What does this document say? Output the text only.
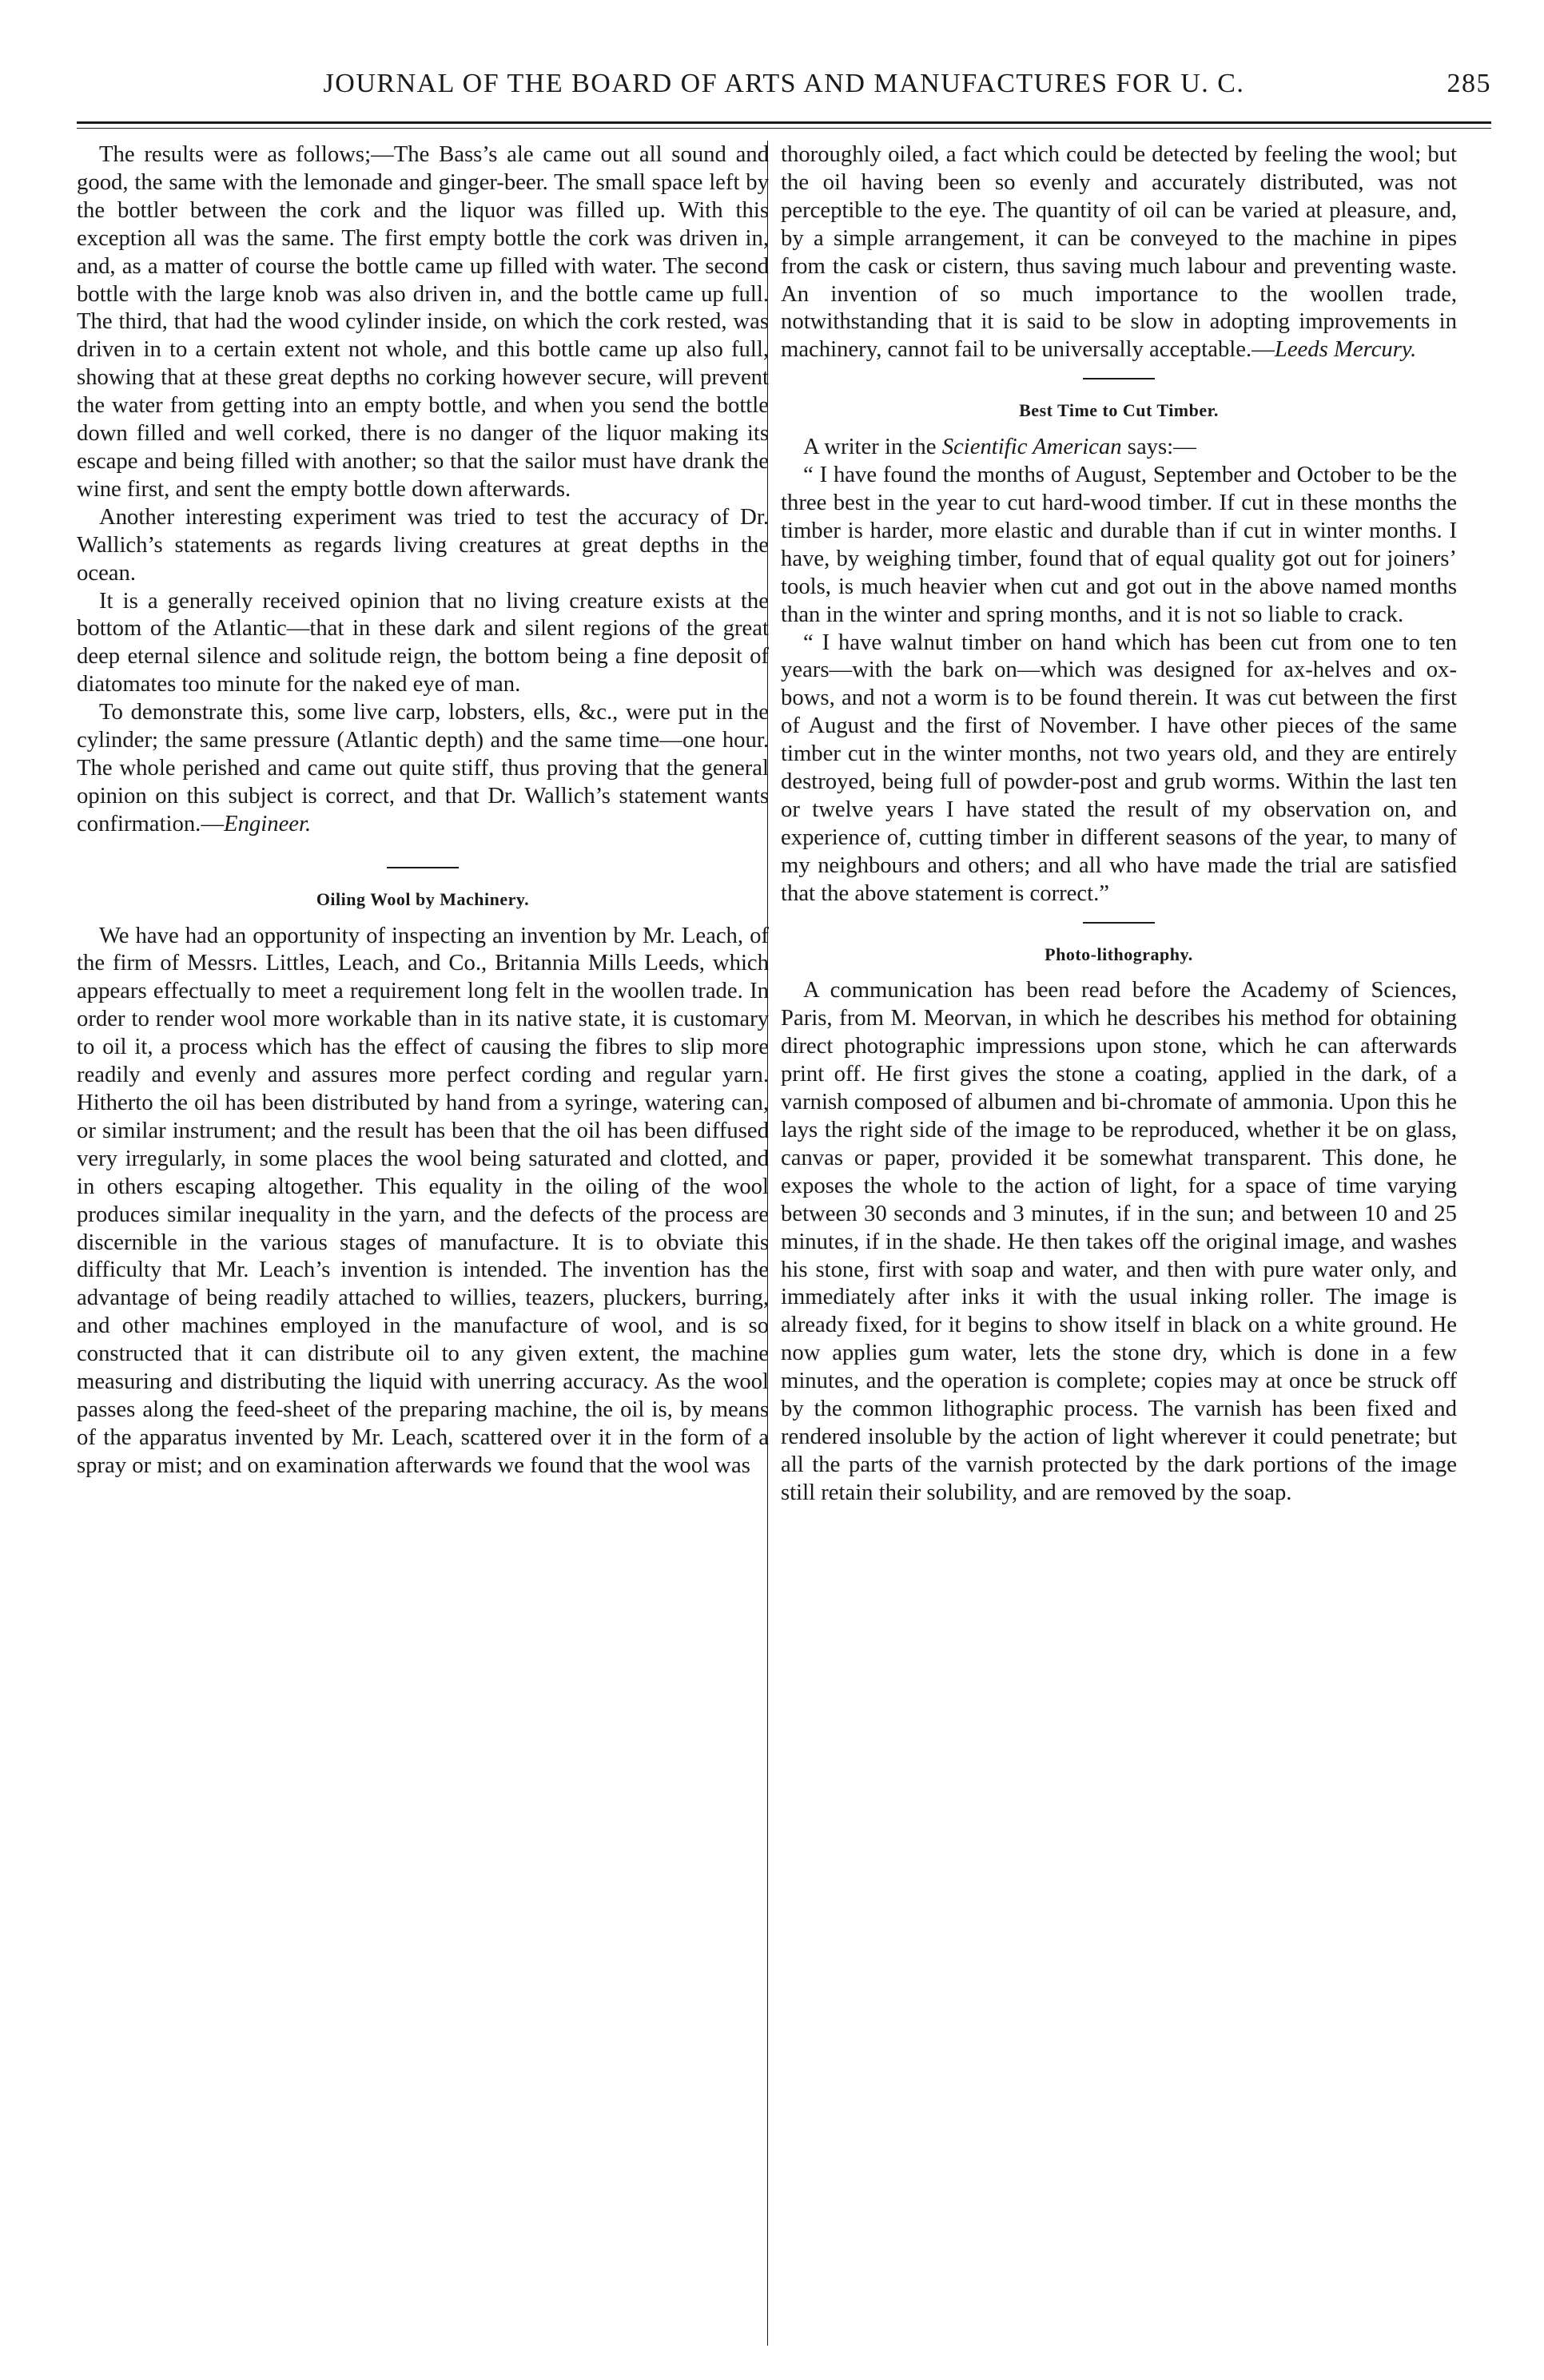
JOURNAL OF THE BOARD OF ARTS AND MANUFACTURES FOR U. C.	285

The results were as follows;—The Bass’s ale came out all sound and good, the same with the lemonade and ginger-beer. The small space left by the bottler between the cork and the liquor was filled up. With this exception all was the same. The first empty bottle the cork was driven in, and, as a matter of course the bottle came up filled with water. The second bottle with the large knob was also driven in, and the bottle came up full. The third, that had the wood cylinder inside, on which the cork rested, was driven in to a certain extent not whole, and this bottle came up also full, showing that at these great depths no corking however secure, will prevent the water from getting into an empty bottle, and when you send the bottle down filled and well corked, there is no danger of the liquor making its escape and being filled with another; so that the sailor must have drank the wine first, and sent the empty bottle down afterwards.

Another interesting experiment was tried to test the accuracy of Dr. Wallich’s statements as regards living creatures at great depths in the ocean.

It is a generally received opinion that no living creature exists at the bottom of the Atlantic—that in these dark and silent regions of the great deep eternal silence and solitude reign, the bottom being a fine deposit of diatomates too minute for the naked eye of man.

To demonstrate this, some live carp, lobsters, ells, &c., were put in the cylinder; the same pressure (Atlantic depth) and the same time—one hour. The whole perished and came out quite stiff, thus proving that the general opinion on this subject is correct, and that Dr. Wallich’s statement wants confirmation.—Engineer.

Oiling Wool by Machinery.

We have had an opportunity of inspecting an invention by Mr. Leach, of the firm of Messrs. Littles, Leach, and Co., Britannia Mills Leeds, which appears effectually to meet a requirement long felt in the woollen trade. In order to render wool more workable than in its native state, it is customary to oil it, a process which has the effect of causing the fibres to slip more readily and evenly and assures more perfect cording and regular yarn. Hitherto the oil has been distributed by hand from a syringe, watering can, or similar instrument; and the result has been that the oil has been diffused very irregularly, in some places the wool being saturated and clotted, and in others escaping altogether. This equality in the oiling of the wool produces similar inequality in the yarn, and the defects of the process are discernible in the various stages of manufacture. It is to obviate this difficulty that Mr. Leach’s invention is intended. The invention has the advantage of being readily attached to willies, teazers, pluckers, burring, and other machines employed in the manufacture of wool, and is so constructed that it can distribute oil to any given extent, the machine measuring and distributing the liquid with unerring accuracy. As the wool passes along the feed-sheet of the preparing machine, the oil is, by means of the apparatus invented by Mr. Leach, scattered over it in the form of a spray or mist; and on examination afterwards we found that the wool was

thoroughly oiled, a fact which could be detected by feeling the wool; but the oil having been so evenly and accurately distributed, was not perceptible to the eye. The quantity of oil can be varied at pleasure, and, by a simple arrangement, it can be conveyed to the machine in pipes from the cask or cistern, thus saving much labour and preventing waste. An invention of so much importance to the woollen trade, notwithstanding that it is said to be slow in adopting improvements in machinery, cannot fail to be universally acceptable.—Leeds Mercury.

Best Time to Cut Timber.

A writer in the Scientific American says:—

“ I have found the months of August, September and October to be the three best in the year to cut hard-wood timber. If cut in these months the timber is harder, more elastic and durable than if cut in winter months. I have, by weighing timber, found that of equal quality got out for joiners’ tools, is much heavier when cut and got out in the above named months than in the winter and spring months, and it is not so liable to crack.

“ I have walnut timber on hand which has been cut from one to ten years—with the bark on—which was designed for ax-helves and ox-bows, and not a worm is to be found therein. It was cut between the first of August and the first of November. I have other pieces of the same timber cut in the winter months, not two years old, and they are entirely destroyed, being full of powder-post and grub worms. Within the last ten or twelve years I have stated the result of my observation on, and experience of, cutting timber in different seasons of the year, to many of my neighbours and others; and all who have made the trial are satisfied that the above statement is correct.”

Photo-lithography.

A communication has been read before the Academy of Sciences, Paris, from M. Meorvan, in which he describes his method for obtaining direct photographic impressions upon stone, which he can afterwards print off. He first gives the stone a coating, applied in the dark, of a varnish composed of albumen and bi-chromate of ammonia. Upon this he lays the right side of the image to be reproduced, whether it be on glass, canvas or paper, provided it be somewhat transparent. This done, he exposes the whole to the action of light, for a space of time varying between 30 seconds and 3 minutes, if in the sun; and between 10 and 25 minutes, if in the shade. He then takes off the original image, and washes his stone, first with soap and water, and then with pure water only, and immediately after inks it with the usual inking roller. The image is already fixed, for it begins to show itself in black on a white ground. He now applies gum water, lets the stone dry, which is done in a few minutes, and the operation is complete; copies may at once be struck off by the common lithographic process. The varnish has been fixed and rendered insoluble by the action of light wherever it could penetrate; but all the parts of the varnish protected by the dark portions of the image still retain their solubility, and are removed by the soap.
